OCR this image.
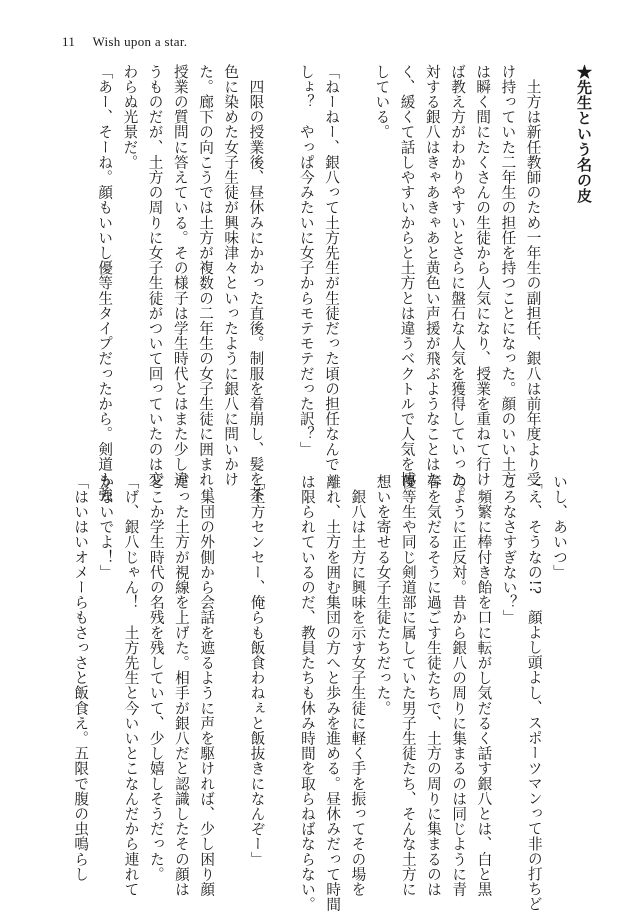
11 Wish upon a star.
★先生という名の皮
　土方は新任教師のため一年生の副担任、銀八は前年度より受
け持っていた二年生の担任を持つことになった。顔のいい土方
は瞬く間にたくさんの生徒から人気になり、授業を重ねて行け
ば教え方がわかりやすいとさらに盤石な人気を獲得していった。
対する銀八はきゃあきゃあと黄色い声援が飛ぶようなことはな
く、緩くて話しやすいからと土方とは違うベクトルで人気を博
している。
「ねーねー、銀八って土方先生が生徒だった頃の担任なんで
しょ？　やっぱ今みたいに女子からモテモテだった訳？」
　四限の授業後、昼休みにかかった直後。制服を着崩し、髪を茶
色に染めた女子生徒が興味津々といったように銀八に問いかけ
た。廊下の向こうでは土方が複数の二年生の女子生徒に囲まれ、
授業の質問に答えている。その様子は学生時代とはまた少し違
うものだが、土方の周りに女子生徒がついて回っていたのは変
わらぬ光景だ。
「あー、そーね。顔もいいし優等生タイプだったから。剣道も強
いし、あいつ」
「え、そうなの!?　顔よし頭よし、スポーツマンって非の打ちど
ころなさすぎない？」
　頻繁に棒付き飴を口に転がし気だるく話す銀八とは、白と黒
のように正反対。昔から銀八の周りに集まるのは同じように青
春を気だるそうに過ごす生徒たちで、土方の周りに集まるのは
優等生や同じ剣道部に属していた男子生徒たち、そんな土方に
想いを寄せる女子生徒たちだった。
　銀八は土方に興味を示す女子生徒に軽く手を振ってその場を
離れ、土方を囲む集団の方へと歩みを進める。昼休みだって時間
は限られているのだ、教員たちも休み時間を取らねばならない。
「土方センセー、俺らも飯食わねぇと飯抜きになんぞー」
　集団の外側から会話を遮るように声を駆ければ、少し困り顔
だった土方が視線を上げた。相手が銀八だと認識したその顔は
どこか学生時代の名残を残していて、少し嬉しそうだった。
「げ、銀八じゃん！　土方先生と今いいとこなんだから連れて
かないでよ！」
「はいはいオメーらもさっさと飯食え。五限で腹の虫鳴らし
